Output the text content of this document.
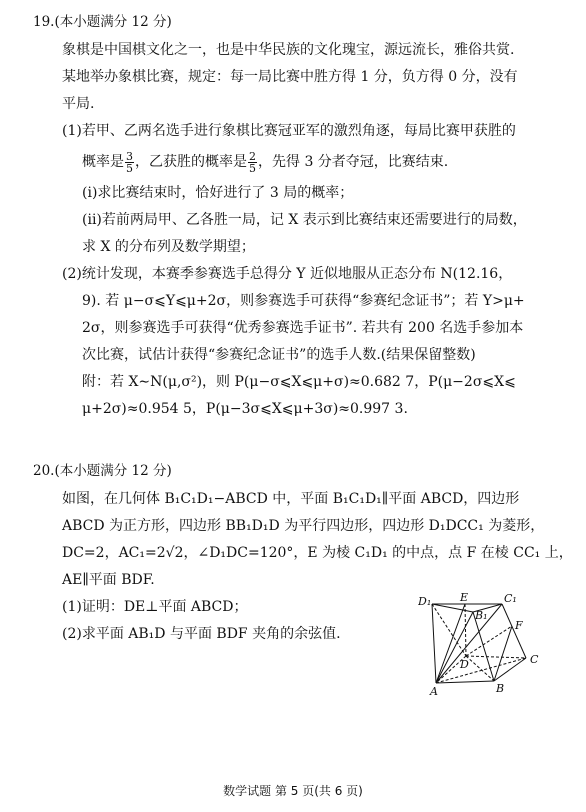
19.(本小题满分 12 分)
象棋是中国棋文化之一，也是中华民族的文化瑰宝，源远流长，雅俗共赏.
某地举办象棋比赛，规定：每一局比赛中胜方得 1 分，负方得 0 分，没有
平局.
(1)若甲、乙两名选手进行象棋比赛冠亚军的激烈角逐，每局比赛甲获胜的
概率是 $\frac{3}{5}$ ，乙获胜的概率是 $\frac{2}{5}$ ，先得 3 分者夺冠，比赛结束.
(i)求比赛结束时，恰好进行了 3 局的概率；
(ii)若前两局甲、乙各胜一局，记 X 表示到比赛结束还需要进行的局数，
求 X 的分布列及数学期望；
(2)统计发现，本赛季参赛选手总得分 Y 近似地服从正态分布 N(12.16，
9). 若 μ−σ⩽Y⩽μ+2σ，则参赛选手可获得“参赛纪念证书”；若 Y>μ+
2σ，则参赛选手可获得“优秀参赛选手证书”. 若共有 200 名选手参加本
次比赛，试估计获得“参赛纪念证书”的选手人数.(结果保留整数)
附：若 X∼N(μ,σ²)，则 P(μ−σ⩽X⩽μ+σ)≈0.682 7，P(μ−2σ⩽X⩽
μ+2σ)≈0.954 5，P(μ−3σ⩽X⩽μ+3σ)≈0.997 3.
20.(本小题满分 12 分)
如图，在几何体 B₁C₁D₁−ABCD 中，平面 B₁C₁D₁∥平面 ABCD，四边形
ABCD 为正方形，四边形 BB₁D₁D 为平行四边形，四边形 D₁DCC₁ 为菱形，
DC=2，AC₁=2√2，∠D₁DC=120°，E 为棱 C₁D₁ 的中点，点 F 在棱 CC₁ 上，
AE∥平面 BDF.
(1)证明：DE⊥平面 ABCD；
(2)求平面 AB₁D 与平面 BDF 夹角的余弦值.
D₁	E
B₁
C₁
F
D	C
A	B
数学试题 第 5 页(共 6 页)
